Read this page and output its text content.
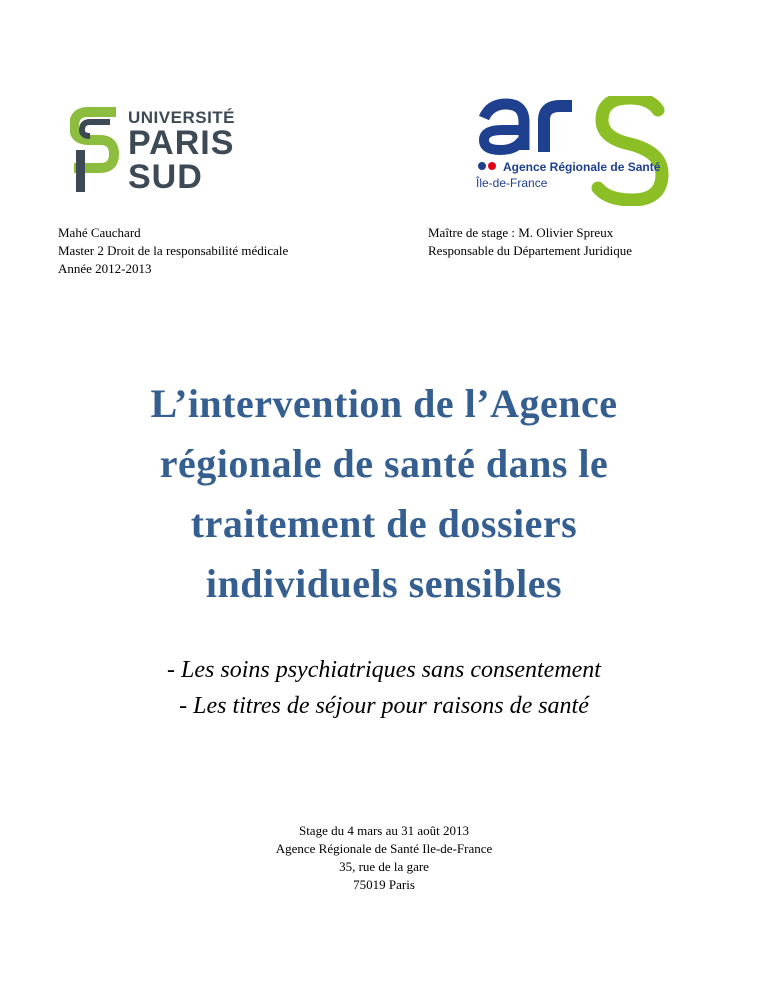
UNIVERSITÉ
PARIS
SUD	Agence Régionale de Santé
Île-de-France
Mahé Cauchard
Master 2 Droit de la responsabilité médicale
Année 2012-2013
Maître de stage : M. Olivier Spreux
Responsable du Département Juridique
L’intervention de l’Agence
régionale de santé dans le
traitement de dossiers
individuels sensibles
- Les soins psychiatriques sans consentement
- Les titres de séjour pour raisons de santé
Stage du 4 mars au 31 août 2013
Agence Régionale de Santé Ile-de-France
35, rue de la gare
75019 Paris
